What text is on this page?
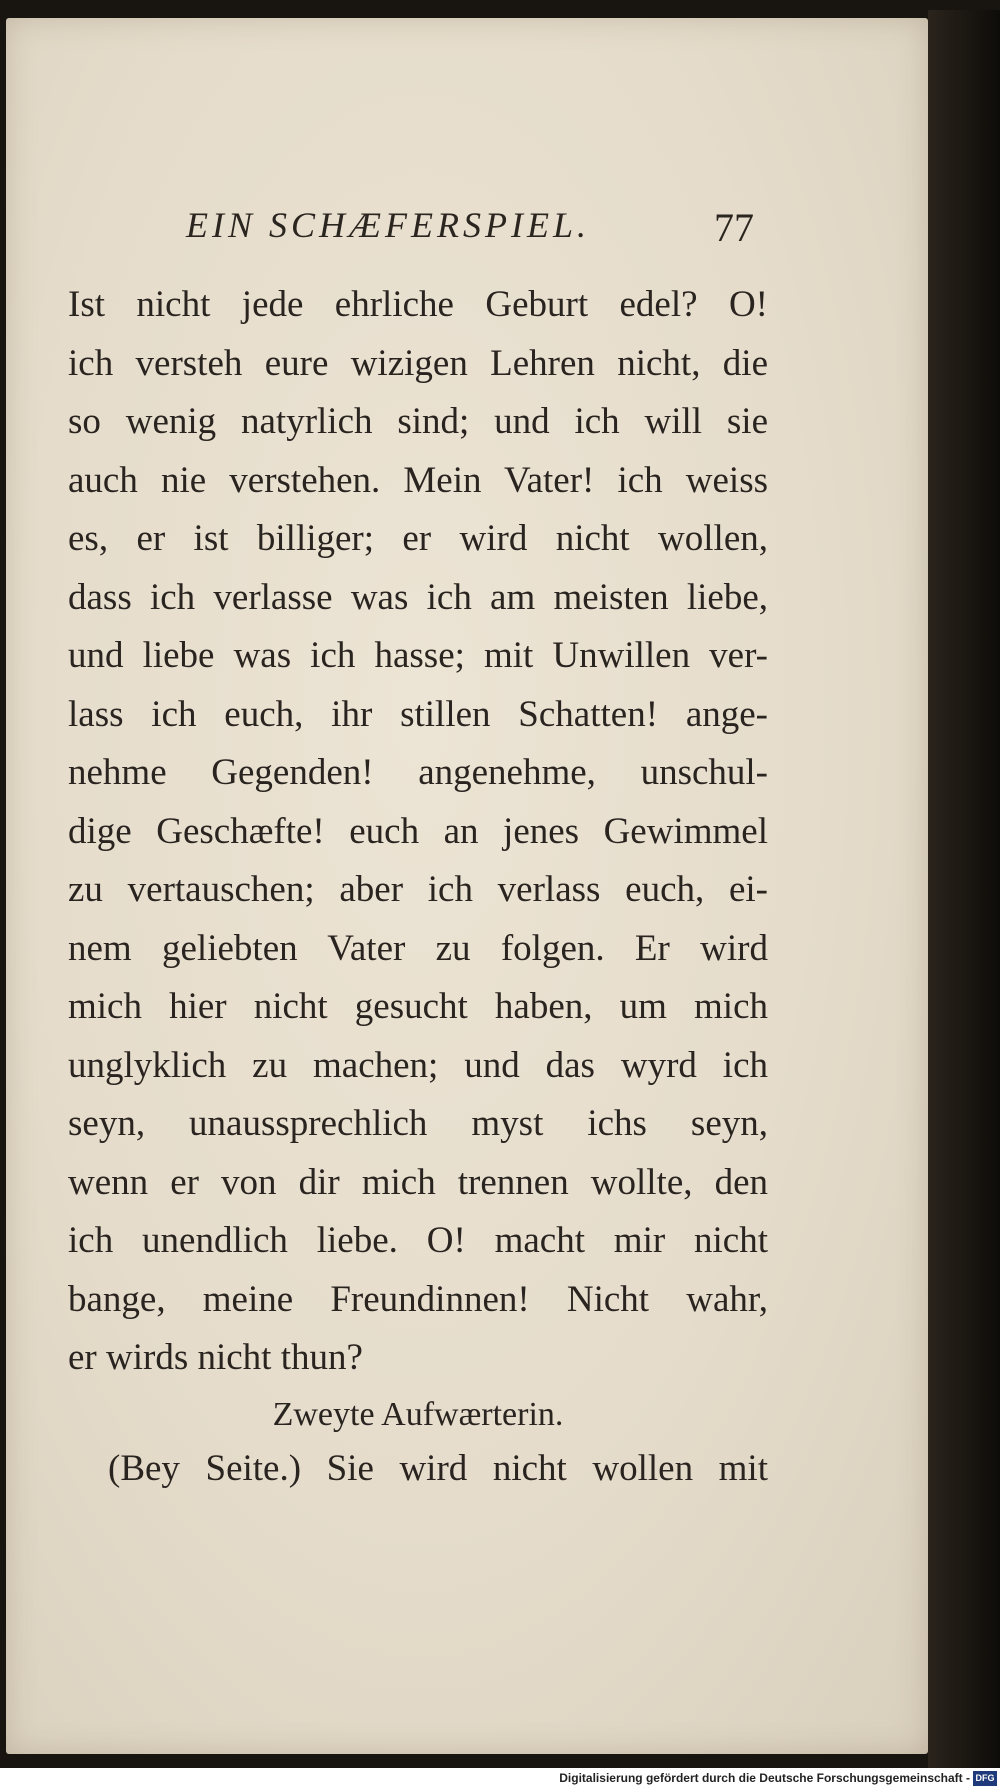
EIN SCHÆFERSPIEL.	77
Ist nicht jede ehrliche Geburt edel? O!
ich versteh eure wizigen Lehren nicht, die
so wenig natyrlich sind; und ich will sie
auch nie verstehen. Mein Vater! ich weiss
es, er ist billiger; er wird nicht wollen,
dass ich verlasse was ich am meisten liebe,
und liebe was ich hasse; mit Unwillen ver-
lass ich euch, ihr stillen Schatten! ange-
nehme Gegenden! angenehme, unschul-
dige Geschæfte! euch an jenes Gewimmel
zu vertauschen; aber ich verlass euch, ei-
nem geliebten Vater zu folgen. Er wird
mich hier nicht gesucht haben, um mich
unglyklich zu machen; und das wyrd ich
seyn, unaussprechlich myst ichs seyn,
wenn er von dir mich trennen wollte, den
ich unendlich liebe. O! macht mir nicht
bange, meine Freundinnen! Nicht wahr,
er wirds nicht thun?
Zweyte Aufwærterin.
(Bey Seite.) Sie wird nicht wollen mit
Digitalisierung gefördert durch die Deutsche Forschungsgemeinschaft - DFG
